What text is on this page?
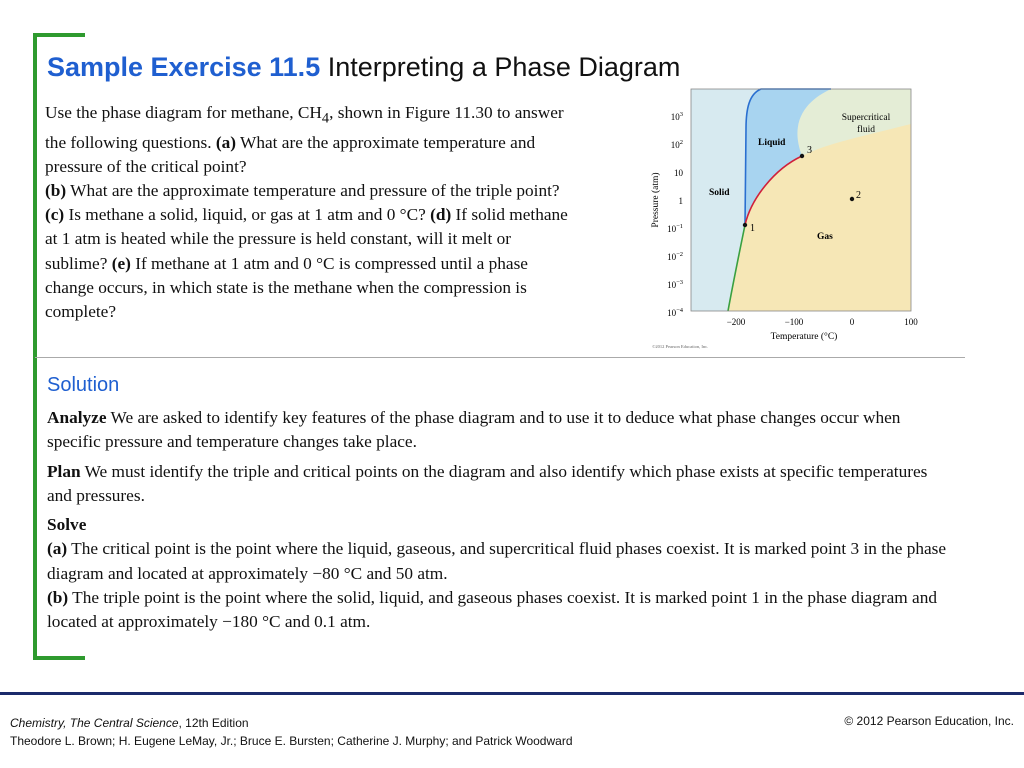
Sample Exercise 11.5 Interpreting a Phase Diagram

Use the phase diagram for methane, $CH_4$, shown in Figure 11.30 to answer the following questions. (a) What are the approximate temperature and pressure of the critical point?

(b) What are the approximate temperature and pressure of the triple point? (c) Is methane a solid, liquid, or gas at 1 atm and 0 °C? (d) If solid methane at 1 atm is heated while the pressure is held constant, will it melt or sublime? (e) If methane at 1 atm and 0 °C is compressed until a phase change occurs, in which state is the methane when the compression is complete?

1
2
3
Solid
Liquid
Gas
Supercritical
fluid
$10^3$
$10^2$
10
1
$10^{-1}$
$10^{-2}$
$10^{-3}$
$10^{-4}$
−200	−100	0	100
Temperature (°C)
Pressure (atm)
©2012 Pearson Education, Inc.
Solution

Analyze We are asked to identify key features of the phase diagram and to use it to deduce what phase changes occur when specific pressure and temperature changes take place.

Plan We must identify the triple and critical points on the diagram and also identify which phase exists at specific temperatures and pressures.

Solve
(a) The critical point is the point where the liquid, gaseous, and supercritical fluid phases coexist. It is marked point 3 in the phase diagram and located at approximately −80 °C and 50 atm.
(b) The triple point is the point where the solid, liquid, and gaseous phases coexist. It is marked point 1 in the phase diagram and located at approximately −180 °C and 0.1 atm.

Chemistry, The Central Science, 12th Edition
Theodore L. Brown; H. Eugene LeMay, Jr.; Bruce E. Bursten; Catherine J. Murphy; and Patrick Woodward
© 2012 Pearson Education, Inc.
